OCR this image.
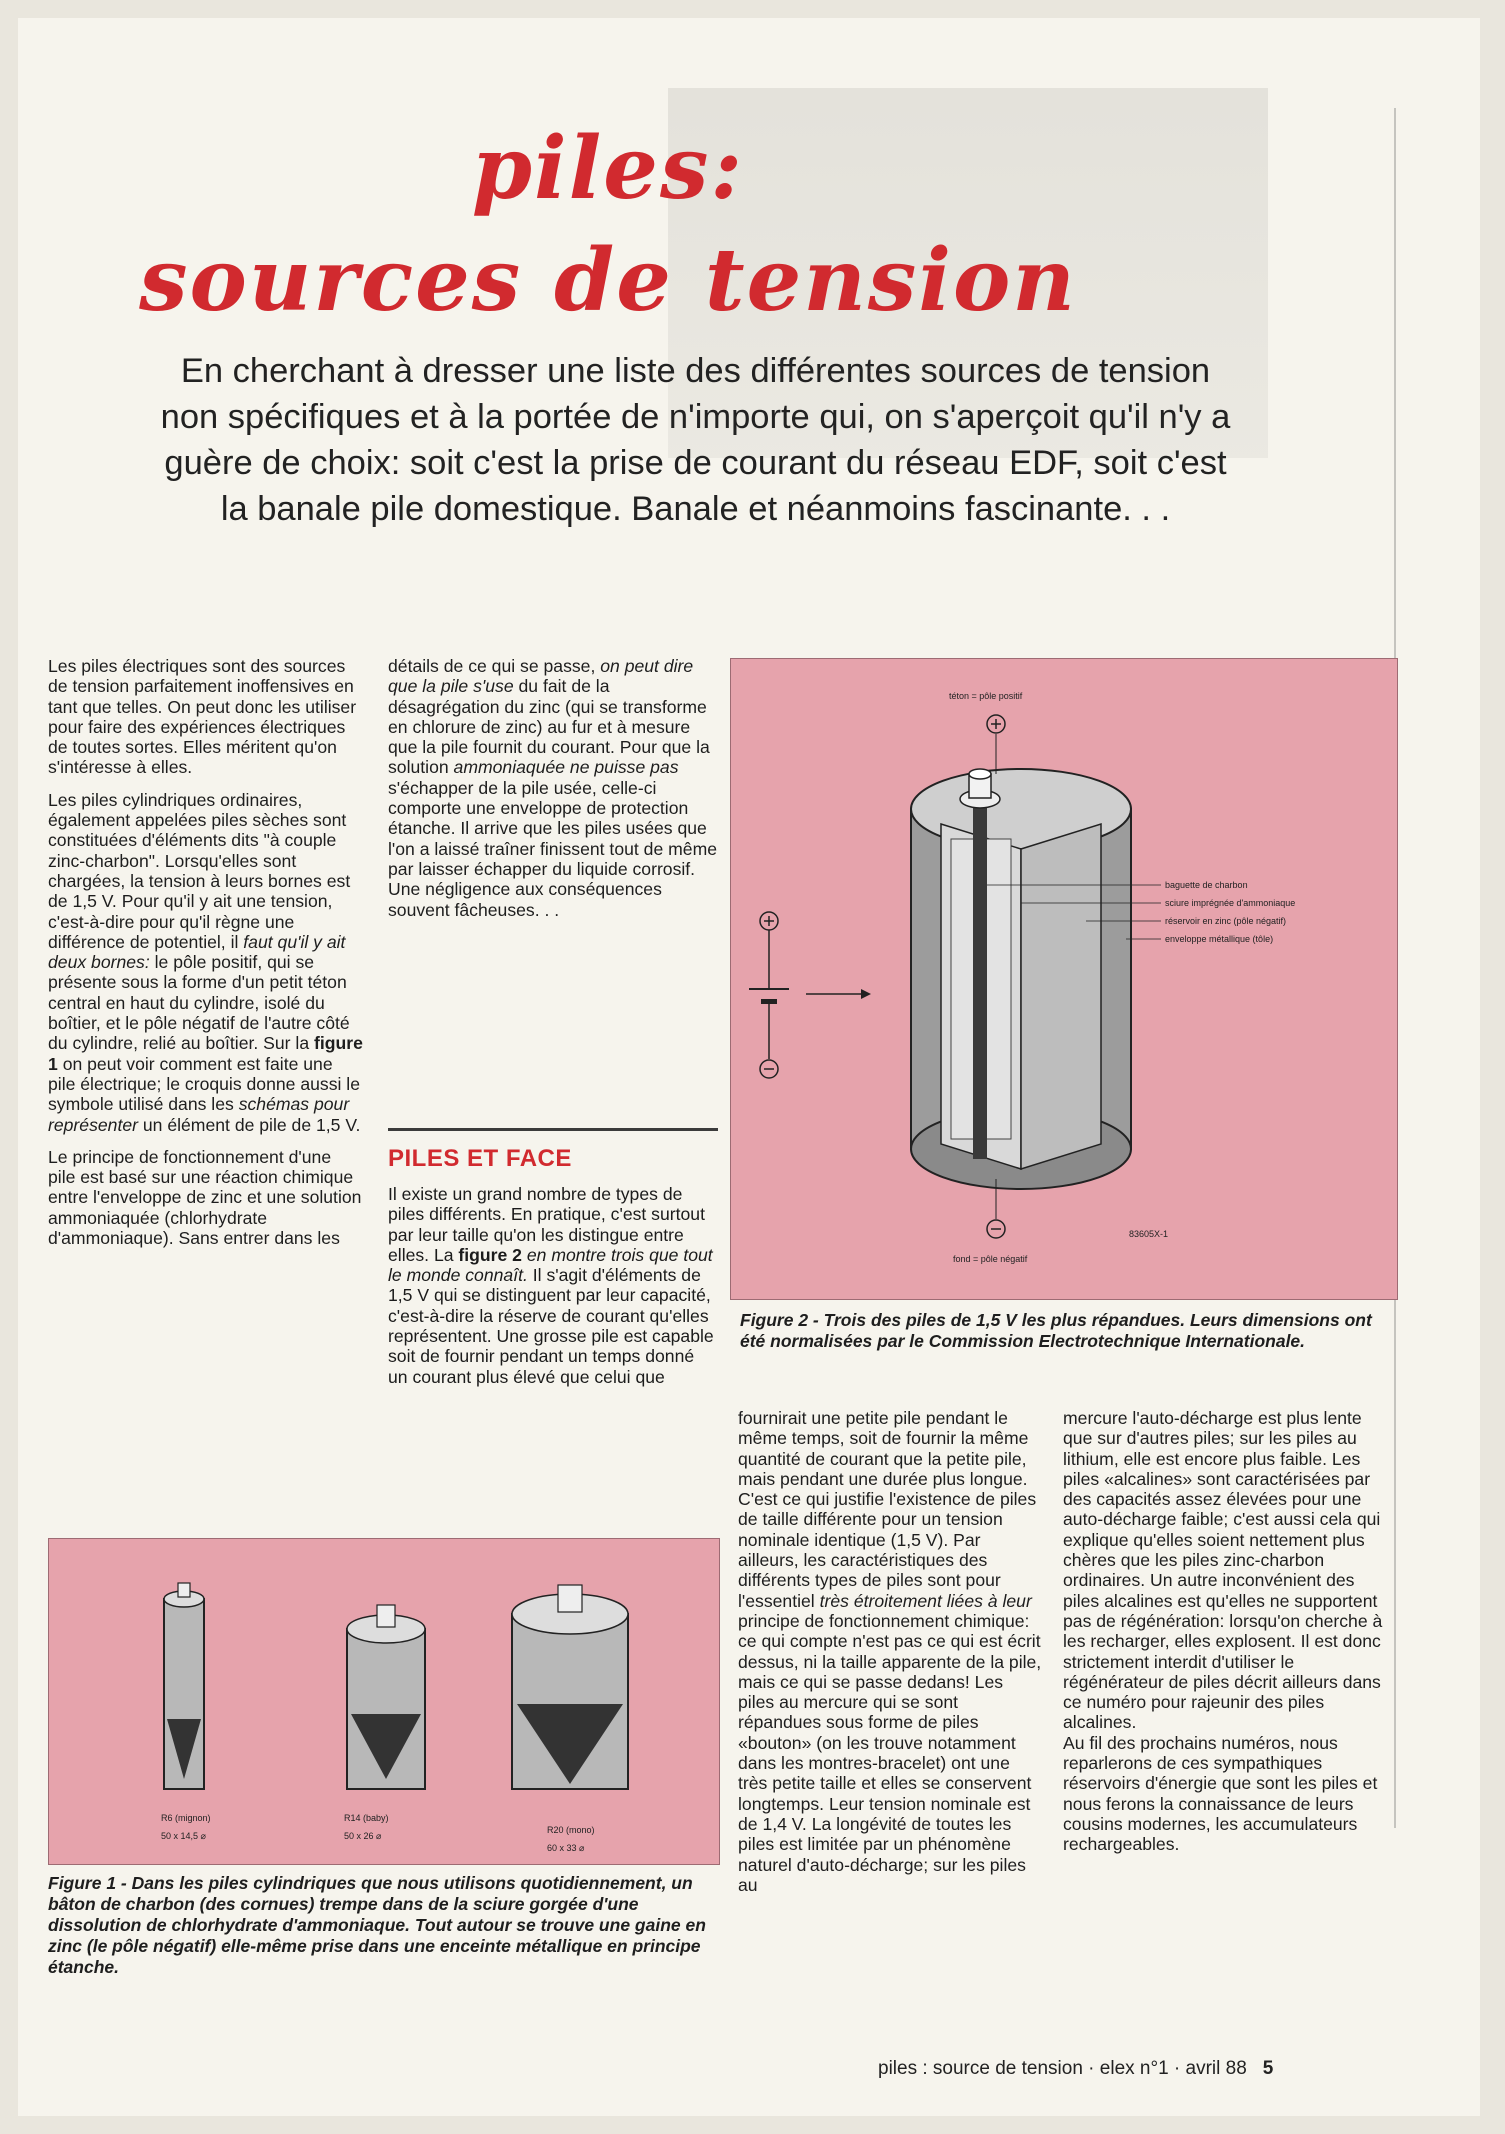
piles:
sources de tension
En cherchant à dresser une liste des différentes sources de tension non spécifiques et à la portée de n'importe qui, on s'aperçoit qu'il n'y a guère de choix: soit c'est la prise de courant du réseau EDF, soit c'est la banale pile domestique. Banale et néanmoins fascinante. . .

Les piles électriques sont des sources de tension parfaitement inoffensives en tant que telles. On peut donc les utiliser pour faire des expériences électriques de toutes sortes. Elles méritent qu'on s'intéresse à elles.

Les piles cylindriques ordinaires, également appelées piles sèches sont constituées d'éléments dits "à couple zinc-charbon". Lorsqu'elles sont chargées, la tension à leurs bornes est de 1,5 V. Pour qu'il y ait une tension, c'est-à-dire pour qu'il règne une différence de potentiel, il faut qu'il y ait deux bornes: le pôle positif, qui se présente sous la forme d'un petit téton central en haut du cylindre, isolé du boîtier, et le pôle négatif de l'autre côté du cylindre, relié au boîtier. Sur la figure 1 on peut voir comment est faite une pile électrique; le croquis donne aussi le symbole utilisé dans les schémas pour représenter un élément de pile de 1,5 V.

Le principe de fonctionnement d'une pile est basé sur une réaction chimique entre l'enveloppe de zinc et une solution ammoniaquée (chlorhydrate d'ammoniaque). Sans entrer dans les

détails de ce qui se passe, on peut dire que la pile s'use du fait de la désagrégation du zinc (qui se transforme en chlorure de zinc) au fur et à mesure que la pile fournit du courant. Pour que la solution ammoniaquée ne puisse pas s'échapper de la pile usée, celle-ci comporte une enveloppe de protection étanche. Il arrive que les piles usées que l'on a laissé traîner finissent tout de même par laisser échapper du liquide corrosif. Une négligence aux conséquences souvent fâcheuses. . .

PILES ET FACE

Il existe un grand nombre de types de piles différents. En pratique, c'est surtout par leur taille qu'on les distingue entre elles. La figure 2 en montre trois que tout le monde connaît. Il s'agit d'éléments de 1,5 V qui se distinguent par leur capacité, c'est-à-dire la réserve de courant qu'elles représentent. Une grosse pile est capable soit de fournir pendant un temps donné un courant plus élevé que celui que

téton = pôle positif
fond = pôle négatif
baguette de charbon
sciure imprégnée d'ammoniaque
réservoir en zinc (pôle négatif)
enveloppe métallique (tôle)
83605X-1
Figure 2 - Trois des piles de 1,5 V les plus répandues. Leurs dimensions ont été normalisées par le Commission Electrotechnique Internationale.

fournirait une petite pile pendant le même temps, soit de fournir la même quantité de courant que la petite pile, mais pendant une durée plus longue. C'est ce qui justifie l'existence de piles de taille différente pour un tension nominale identique (1,5 V). Par ailleurs, les caractéristiques des différents types de piles sont pour l'essentiel très étroitement liées à leur principe de fonctionnement chimique: ce qui compte n'est pas ce qui est écrit dessus, ni la taille apparente de la pile, mais ce qui se passe dedans! Les piles au mercure qui se sont répandues sous forme de piles «bouton» (on les trouve notamment dans les montres-bracelet) ont une très petite taille et elles se conservent longtemps. Leur tension nominale est de 1,4 V. La longévité de toutes les piles est limitée par un phénomène naturel d'auto-décharge; sur les piles au

mercure l'auto-décharge est plus lente que sur d'autres piles; sur les piles au lithium, elle est encore plus faible. Les piles «alcalines» sont caractérisées par des capacités assez élevées pour une auto-décharge faible; c'est aussi cela qui explique qu'elles soient nettement plus chères que les piles zinc-charbon ordinaires. Un autre inconvénient des piles alcalines est qu'elles ne supportent pas de régénération: lorsqu'on cherche à les recharger, elles explosent. Il est donc strictement interdit d'utiliser le régénérateur de piles décrit ailleurs dans ce numéro pour rajeunir des piles alcalines.

Au fil des prochains numéros, nous reparlerons de ces sympathiques réservoirs d'énergie que sont les piles et nous ferons la connaissance de leurs cousins modernes, les accumulateurs rechargeables.

R6 (mignon)
50 x 14,5 ⌀
R14 (baby)
50 x 26 ⌀
R20 (mono)
60 x 33 ⌀
Figure 1 - Dans les piles cylindriques que nous utilisons quotidiennement, un bâton de charbon (des cornues) trempe dans de la sciure gorgée d'une dissolution de chlorhydrate d'ammoniaque. Tout autour se trouve une gaine en zinc (le pôle négatif) elle-même prise dans une enceinte métallique en principe étanche.
piles : source de tension · elex n°1 · avril 88 5
